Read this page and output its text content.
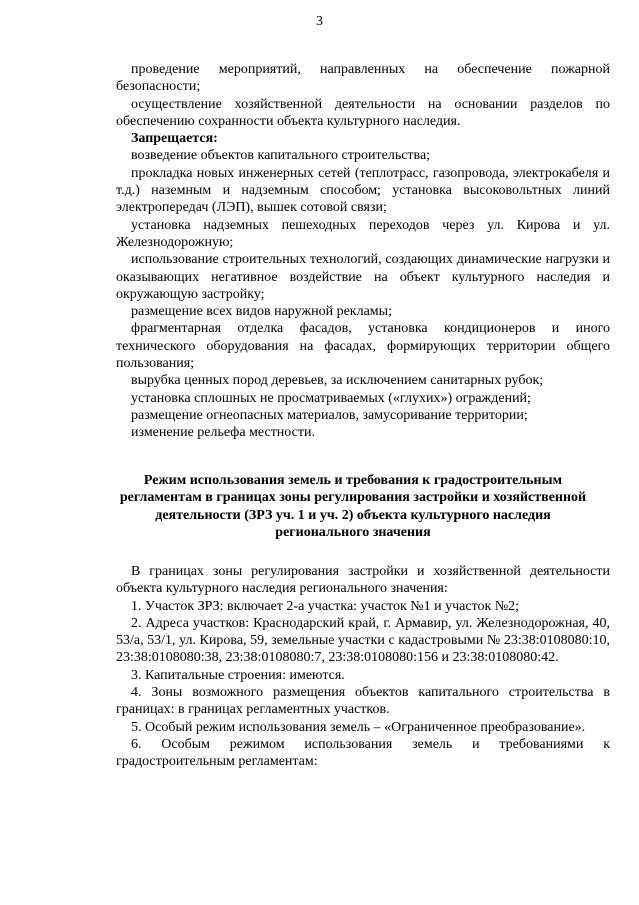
3

проведение мероприятий, направленных на обеспечение пожарной безопасности;

осуществление хозяйственной деятельности на основании разделов по обеспечению сохранности объекта культурного наследия.

Запрещается:

возведение объектов капитального строительства;

прокладка новых инженерных сетей (теплотрасс, газопровода, электрокабеля и т.д.) наземным и надземным способом; установка высоковольтных линий электропередач (ЛЭП), вышек сотовой связи;

установка надземных пешеходных переходов через ул. Кирова и ул. Железнодорожную;

использование строительных технологий, создающих динамические нагрузки и оказывающих негативное воздействие на объект культурного наследия и окружающую застройку;

размещение всех видов наружной рекламы;

фрагментарная отделка фасадов, установка кондиционеров и иного технического оборудования на фасадах, формирующих территории общего пользования;

вырубка ценных пород деревьев, за исключением санитарных рубок;

установка сплошных не просматриваемых («глухих») ограждений;

размещение огнеопасных материалов, замусоривание территории;

изменение рельефа местности.

Режим использования земель и требования к градостроительным
регламентам в границах зоны регулирования застройки и хозяйственной
деятельности (ЗРЗ уч. 1 и уч. 2) объекта культурного наследия
регионального значения

В границах зоны регулирования застройки и хозяйственной деятельности объекта культурного наследия регионального значения:

1. Участок ЗРЗ: включает 2-а участка: участок №1 и участок №2;

2. Адреса участков: Краснодарский край, г. Армавир, ул. Железнодорожная, 40, 53/а, 53/1, ул. Кирова, 59, земельные участки с кадастровыми № 23:38:0108080:10, 23:38:0108080:38, 23:38:0108080:7, 23:38:0108080:156 и 23:38:0108080:42.

3. Капитальные строения: имеются.

4. Зоны возможного размещения объектов капитального строительства в границах: в границах регламентных участков.

5. Особый режим использования земель – «Ограниченное преобразование».

6. Особым режимом использования земель и требованиями к градостроительным регламентам:
